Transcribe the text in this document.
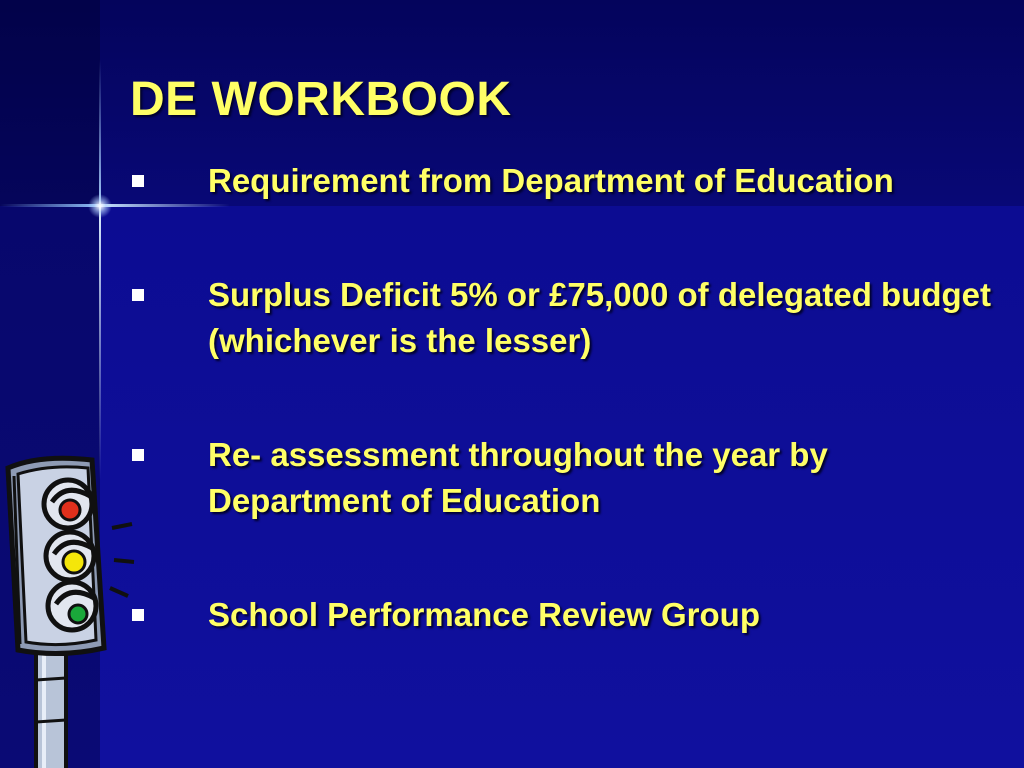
DE WORKBOOK
Requirement from Department of Education
Surplus Deficit 5% or £75,000 of delegated budget (whichever is the lesser)
Re- assessment throughout the year by Department of Education
School Performance Review Group
